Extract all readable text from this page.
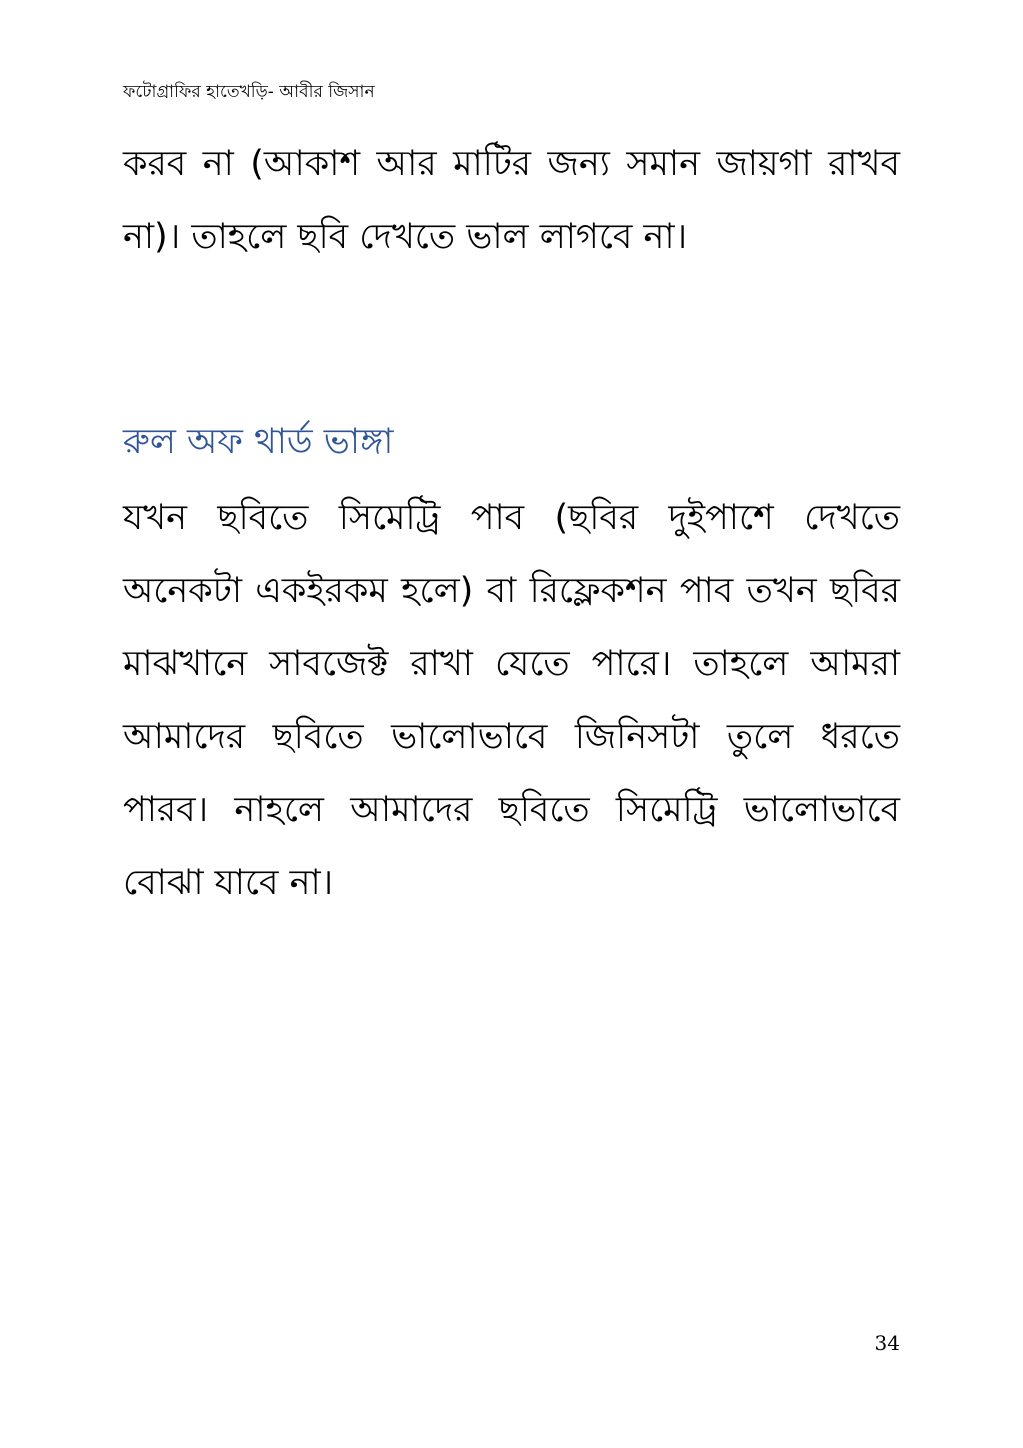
ফটোগ্রাফির হাতেখড়ি- আবীর জিসান

করব না (আকাশ আর মাটির জন্য সমান জায়গা রাখব না)। তাহলে ছবি দেখতে ভাল লাগবে না।

রুল অফ থার্ড ভাঙ্গা

যখন ছবিতে সিমেট্রি পাব (ছবির দুইপাশে দেখতে অনেকটা একইরকম হলে) বা রিফ্লেকশন পাব তখন ছবির মাঝখানে সাবজেক্ট রাখা যেতে পারে। তাহলে আমরা আমাদের ছবিতে ভালোভাবে জিনিসটা তুলে ধরতে পারব। নাহলে আমাদের ছবিতে সিমেট্রি ভালোভাবে বোঝা যাবে না।

34
